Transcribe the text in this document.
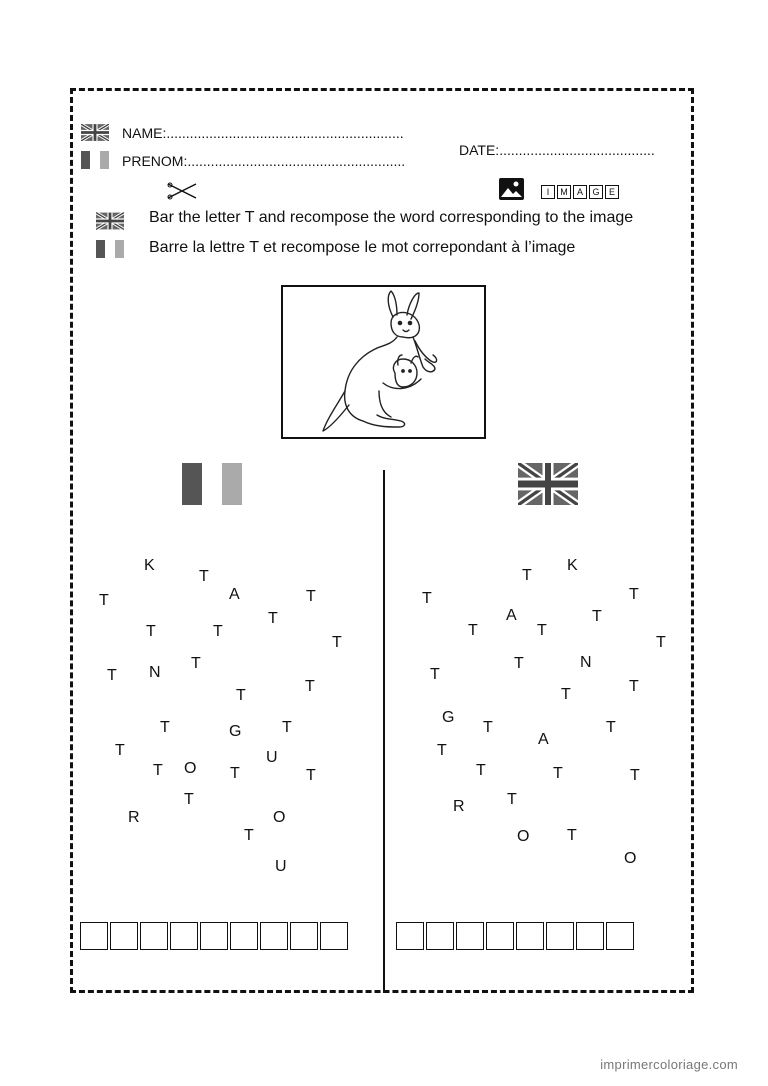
NAME:.............................................................
PRENOM:........................................................
DATE:........................................
I	M	A	G	E
Bar the letter T and recompose the word corresponding to the image
Barre la lettre T et recompose le mot correpondant à l’image
K
T
A	T
T
T
T	T
T
T N
T
T
T
T	G	T
T	U
T O T	T
T
R	O
T
U
T
K
T
T
A	T
T	T
T
T	N
T
T	T
G
T
A
T
T
T	T	T
R	T
O T
O
imprimercoloriage.com
